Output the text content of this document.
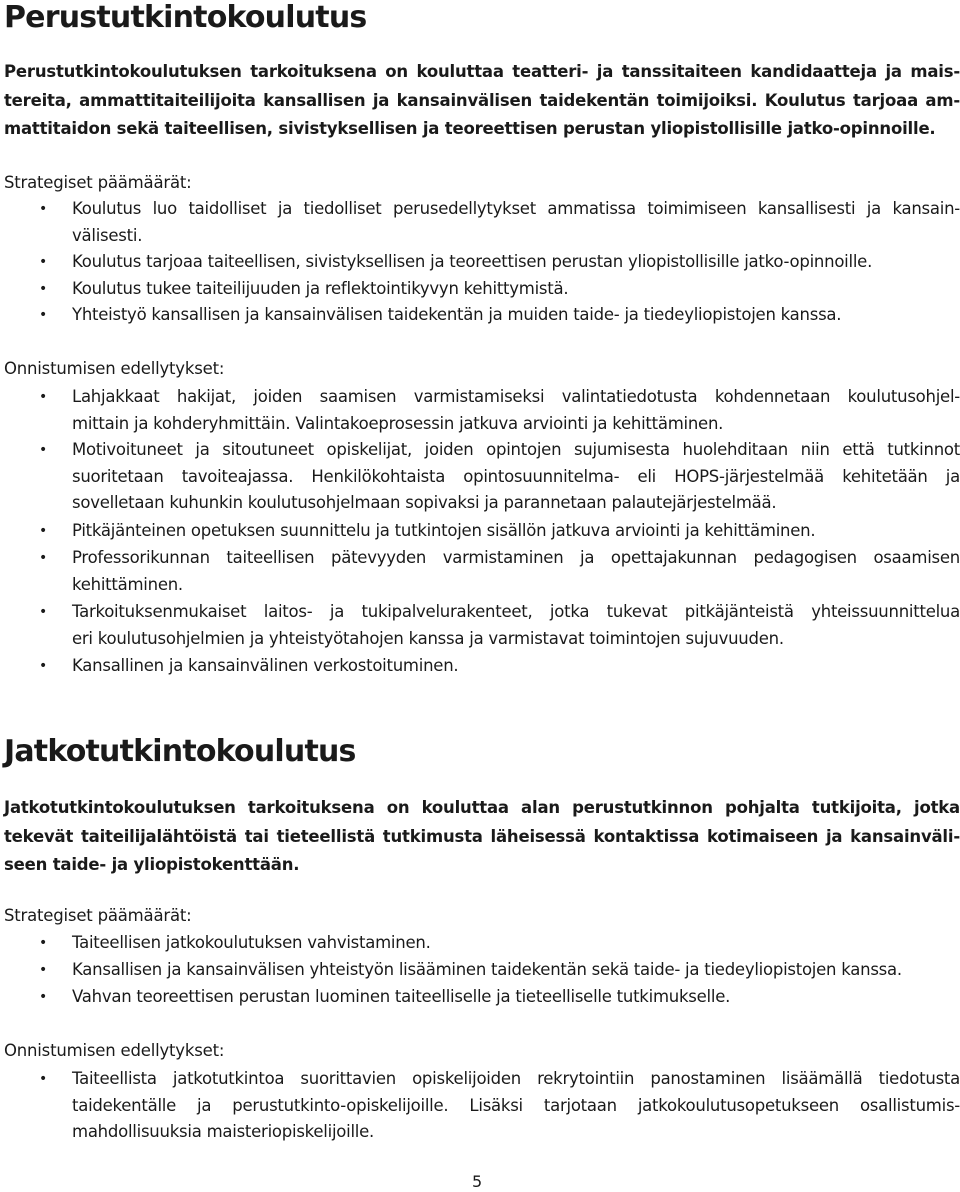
Perustutkintokoulutus
Perustutkintokoulutuksen tarkoituksena on kouluttaa teatteri- ja tanssitaiteen kandidaatteja ja mais-
tereita, ammattitaiteilijoita kansallisen ja kansainvälisen taidekentän toimijoiksi. Koulutus tarjoaa am-
mattitaidon sekä taiteellisen, sivistyksellisen ja teoreettisen perustan yliopistollisille jatko-opinnoille.
Strategiset päämäärät:
• Koulutus luo taidolliset ja tiedolliset perusedellytykset ammatissa toimimiseen kansallisesti ja kansain-
välisesti.
• Koulutus tarjoaa taiteellisen, sivistyksellisen ja teoreettisen perustan yliopistollisille jatko-opinnoille.
• Koulutus tukee taiteilijuuden ja reflektointikyvyn kehittymistä.
• Yhteistyö kansallisen ja kansainvälisen taidekentän ja muiden taide- ja tiedeyliopistojen kanssa.
Onnistumisen edellytykset:
• Lahjakkaat hakijat, joiden saamisen varmistamiseksi valintatiedotusta kohdennetaan koulutusohjel-
mittain ja kohderyhmittäin. Valintakoeprosessin jatkuva arviointi ja kehittäminen.
• Motivoituneet ja sitoutuneet opiskelijat, joiden opintojen sujumisesta huolehditaan niin että tutkinnot
suoritetaan tavoiteajassa. Henkilökohtaista opintosuunnitelma- eli HOPS-järjestelmää kehitetään ja
sovelletaan kuhunkin koulutusohjelmaan sopivaksi ja parannetaan palautejärjestelmää.
• Pitkäjänteinen opetuksen suunnittelu ja tutkintojen sisällön jatkuva arviointi ja kehittäminen.
• Professorikunnan taiteellisen pätevyyden varmistaminen ja opettajakunnan pedagogisen osaamisen
kehittäminen.
• Tarkoituksenmukaiset laitos- ja tukipalvelurakenteet, jotka tukevat pitkäjänteistä yhteissuunnittelua
eri koulutusohjelmien ja yhteistyötahojen kanssa ja varmistavat toimintojen sujuvuuden.
• Kansallinen ja kansainvälinen verkostoituminen.
Jatkotutkintokoulutus
Jatkotutkintokoulutuksen tarkoituksena on kouluttaa alan perustutkinnon pohjalta tutkijoita, jotka
tekevät taiteilijalähtöistä tai tieteellistä tutkimusta läheisessä kontaktissa kotimaiseen ja kansainväli-
seen taide- ja yliopistokenttään.
Strategiset päämäärät:
• Taiteellisen jatkokoulutuksen vahvistaminen.
• Kansallisen ja kansainvälisen yhteistyön lisääminen taidekentän sekä taide- ja tiedeyliopistojen kanssa.
• Vahvan teoreettisen perustan luominen taiteelliselle ja tieteelliselle tutkimukselle.
Onnistumisen edellytykset:
• Taiteellista jatkotutkintoa suorittavien opiskelijoiden rekrytointiin panostaminen lisäämällä tiedotusta
taidekentälle ja perustutkinto-opiskelijoille. Lisäksi tarjotaan jatkokoulutusopetukseen osallistumis-
mahdollisuuksia maisteriopiskelijoille.
5
